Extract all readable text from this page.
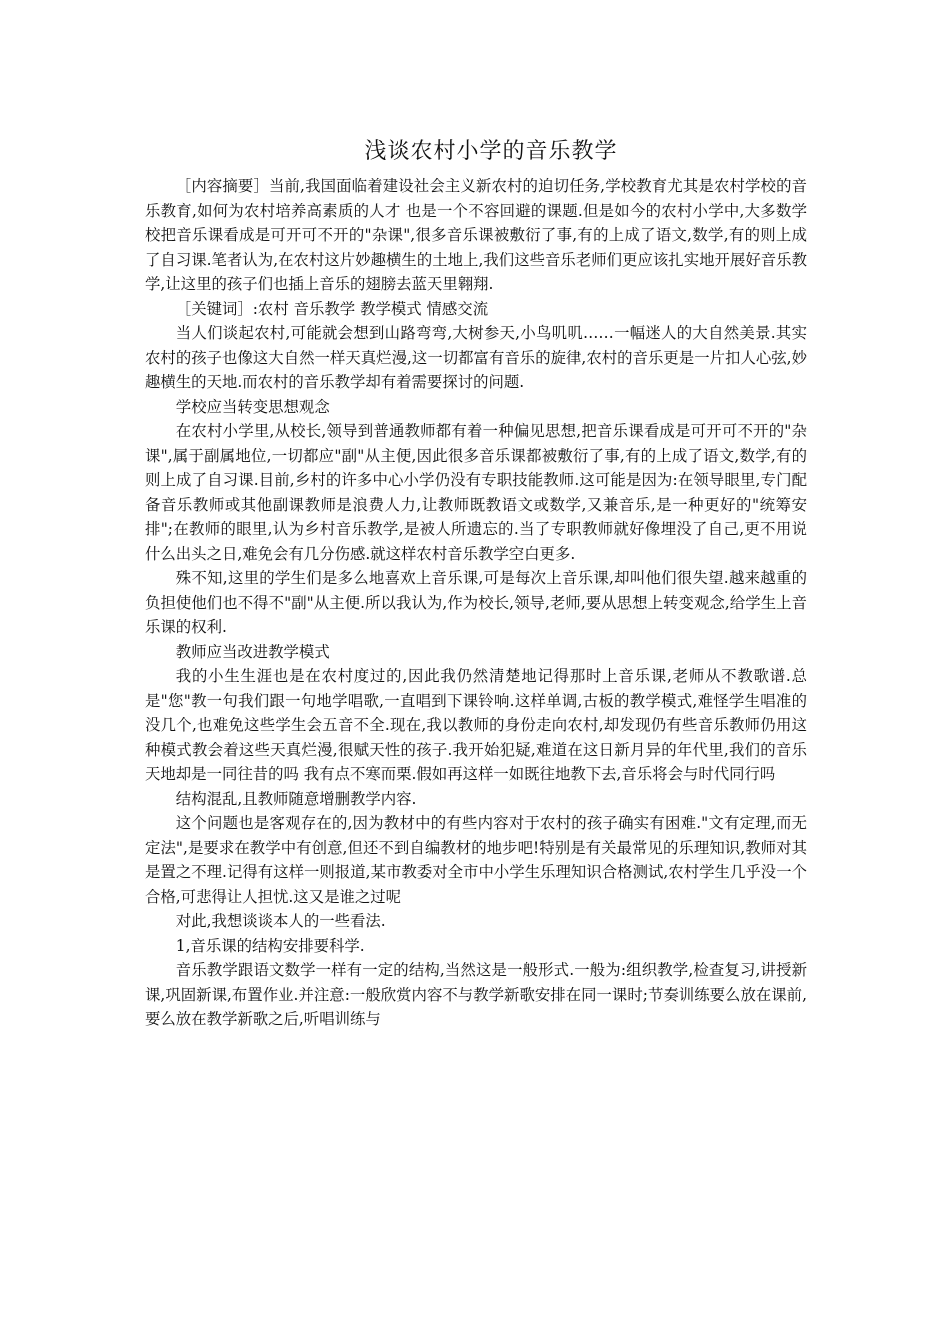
浅谈农村小学的音乐教学

［内容摘要］当前,我国面临着建设社会主义新农村的迫切任务,学校教育尤其是农村学校的音乐教育,如何为农村培养高素质的人才 也是一个不容回避的课题.但是如今的农村小学中,大多数学校把音乐课看成是可开可不开的"杂课",很多音乐课被敷衍了事,有的上成了语文,数学,有的则上成了自习课.笔者认为,在农村这片妙趣横生的土地上,我们这些音乐老师们更应该扎实地开展好音乐教学,让这里的孩子们也插上音乐的翅膀去蓝天里翱翔.

［关键词］:农村 音乐教学 教学模式 情感交流

当人们谈起农村,可能就会想到山路弯弯,大树参天,小鸟叽叽……一幅迷人的大自然美景.其实农村的孩子也像这大自然一样天真烂漫,这一切都富有音乐的旋律,农村的音乐更是一片扣人心弦,妙趣横生的天地.而农村的音乐教学却有着需要探讨的问题.

学校应当转变思想观念

在农村小学里,从校长,领导到普通教师都有着一种偏见思想,把音乐课看成是可开可不开的"杂课",属于副属地位,一切都应"副"从主便,因此很多音乐课都被敷衍了事,有的上成了语文,数学,有的则上成了自习课.目前,乡村的许多中心小学仍没有专职技能教师.这可能是因为:在领导眼里,专门配备音乐教师或其他副课教师是浪费人力,让教师既教语文或数学,又兼音乐,是一种更好的"统筹安排";在教师的眼里,认为乡村音乐教学,是被人所遗忘的.当了专职教师就好像埋没了自己,更不用说什么出头之日,难免会有几分伤感.就这样农村音乐教学空白更多.

殊不知,这里的学生们是多么地喜欢上音乐课,可是每次上音乐课,却叫他们很失望.越来越重的负担使他们也不得不"副"从主便.所以我认为,作为校长,领导,老师,要从思想上转变观念,给学生上音乐课的权利.

教师应当改进教学模式

我的小生生涯也是在农村度过的,因此我仍然清楚地记得那时上音乐课,老师从不教歌谱.总是"您"教一句我们跟一句地学唱歌,一直唱到下课铃响.这样单调,古板的教学模式,难怪学生唱准的没几个,也难免这些学生会五音不全.现在,我以教师的身份走向农村,却发现仍有些音乐教师仍用这种模式教会着这些天真烂漫,很赋天性的孩子.我开始犯疑,难道在这日新月异的年代里,我们的音乐天地却是一同往昔的吗 我有点不寒而栗.假如再这样一如既往地教下去,音乐将会与时代同行吗

结构混乱,且教师随意增删教学内容.

这个问题也是客观存在的,因为教材中的有些内容对于农村的孩子确实有困难."文有定理,而无定法",是要求在教学中有创意,但还不到自编教材的地步吧!特别是有关最常见的乐理知识,教师对其是置之不理.记得有这样一则报道,某市教委对全市中小学生乐理知识合格测试,农村学生几乎没一个合格,可悲得让人担忧.这又是谁之过呢

对此,我想谈谈本人的一些看法.

1,音乐课的结构安排要科学.

音乐教学跟语文数学一样有一定的结构,当然这是一般形式.一般为:组织教学,检查复习,讲授新课,巩固新课,布置作业.并注意:一般欣赏内容不与教学新歌安排在同一课时;节奏训练要么放在课前,要么放在教学新歌之后,听唱训练与
